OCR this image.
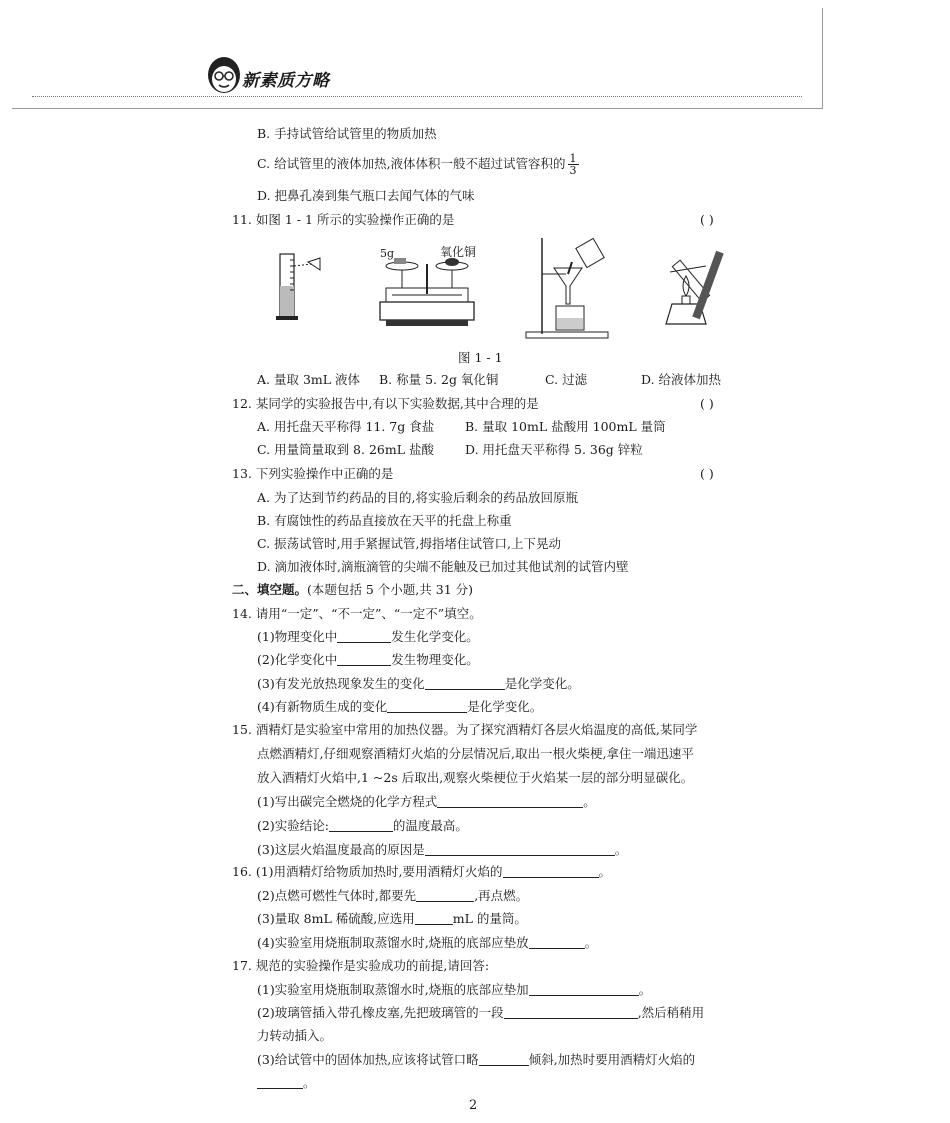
新素质方略
B. 手持试管给试管里的物质加热
C. 给试管里的液体加热,液体体积一般不超过试管容积的 $\frac{1}{3}$
D. 把鼻孔凑到集气瓶口去闻气体的气味
11. 如图 1 - 1 所示的实验操作正确的是	( )
5g	氧化铜
图 1 - 1
A. 量取 3mL 液体 B. 称量 5. 2g 氧化铜	C. 过滤	D. 给液体加热
12. 某同学的实验报告中,有以下实验数据,其中合理的是	( )
A. 用托盘天平称得 11. 7g 食盐 B. 量取 10mL 盐酸用 100mL 量筒
C. 用量筒量取到 8. 26mL 盐酸 D. 用托盘天平称得 5. 36g 锌粒
13. 下列实验操作中正确的是	( )
A. 为了达到节约药品的目的,将实验后剩余的药品放回原瓶
B. 有腐蚀性的药品直接放在天平的托盘上称重
C. 振荡试管时,用手紧握试管,拇指堵住试管口,上下晃动
D. 滴加液体时,滴瓶滴管的尖端不能触及已加过其他试剂的试管内壁
二、填空题。(本题包括 5 个小题,共 31 分)
14. 请用“一定”、“不一定”、“一定不”填空。
(1)物理变化中	发生化学变化。
(2)化学变化中	发生物理变化。
(3)有发光放热现象发生的变化	是化学变化。
(4)有新物质生成的变化	是化学变化。
15. 酒精灯是实验室中常用的加热仪器。为了探究酒精灯各层火焰温度的高低,某同学
点燃酒精灯,仔细观察酒精灯火焰的分层情况后,取出一根火柴梗,拿住一端迅速平
放入酒精灯火焰中,1 ~2s 后取出,观察火柴梗位于火焰某一层的部分明显碳化。
(1)写出碳完全燃烧的化学方程式	。
(2)实验结论:	的温度最高。
(3)这层火焰温度最高的原因是	。
16. (1)用酒精灯给物质加热时,要用酒精灯火焰的	。
(2)点燃可燃性气体时,都要先	,再点燃。
(3)量取 8mL 稀硫酸,应选用	mL 的量筒。
(4)实验室用烧瓶制取蒸馏水时,烧瓶的底部应垫放	。
17. 规范的实验操作是实验成功的前提,请回答:
(1)实验室用烧瓶制取蒸馏水时,烧瓶的底部应垫加	。
(2)玻璃管插入带孔橡皮塞,先把玻璃管的一段	,然后稍稍用
力转动插入。
(3)给试管中的固体加热,应该将试管口略	倾斜,加热时要用酒精灯火焰的
。
2
